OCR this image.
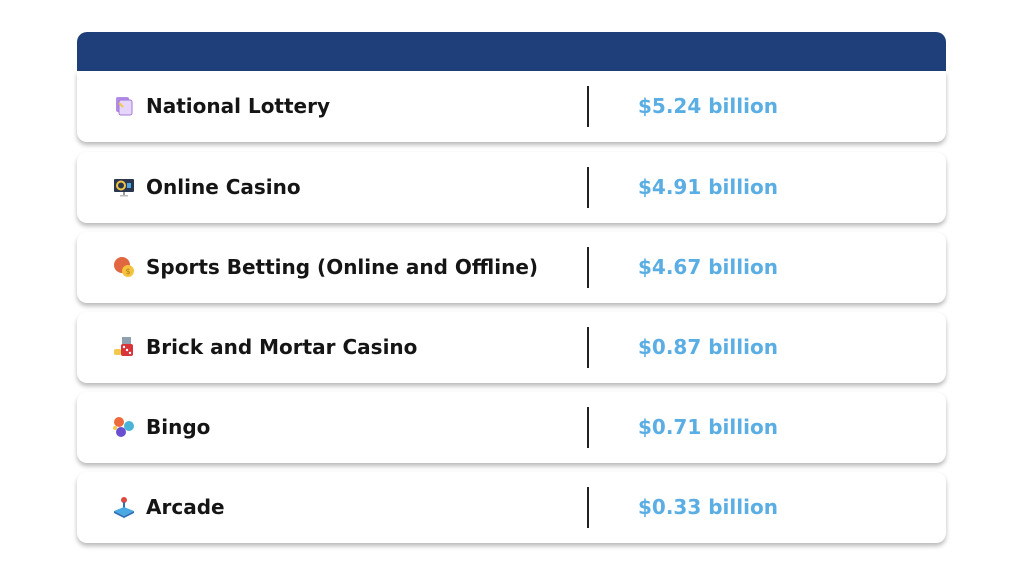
National Lottery	$5.24 billion
Online Casino	$4.91 billion
$ Sports Betting (Online and Offline)	$4.67 billion
Brick and Mortar Casino	$0.87 billion
Bingo	$0.71 billion
Arcade	$0.33 billion
